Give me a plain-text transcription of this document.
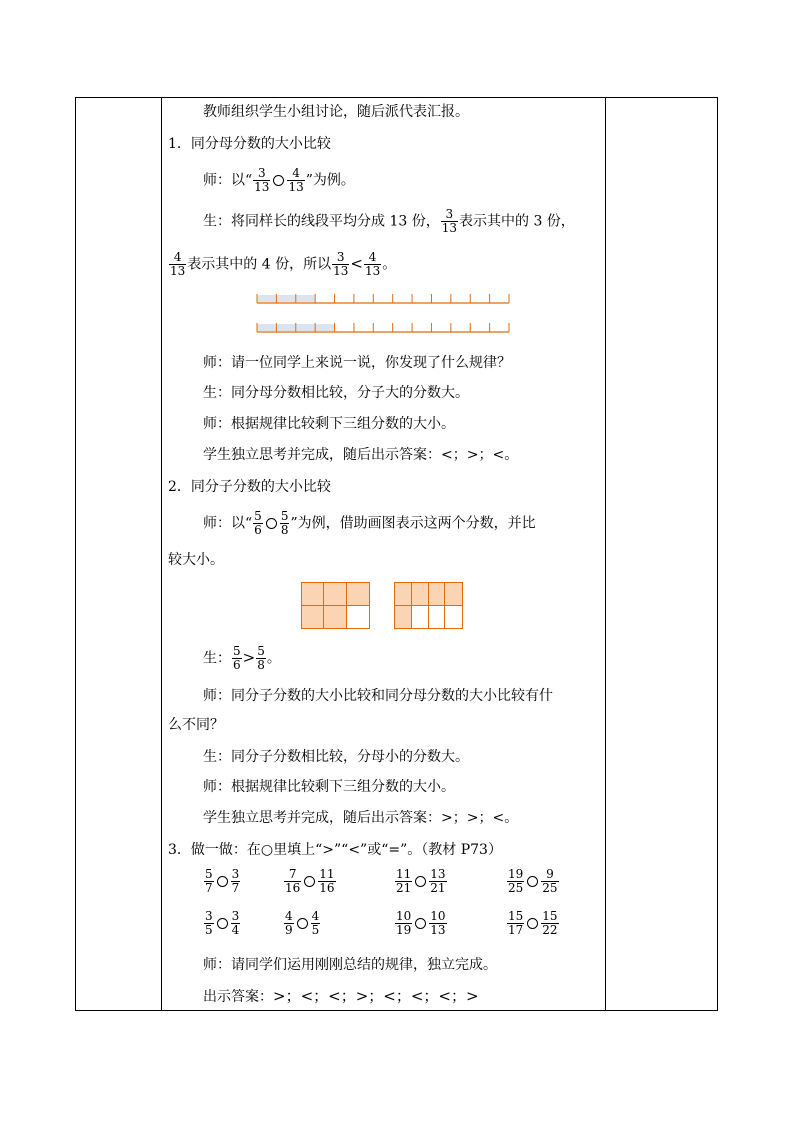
教师组织学生小组讨论，随后派代表汇报。
1．同分母分数的大小比较
师：以“ $\frac{3}{13} \frac{4}{13}$ ”为例。
生：将同样长的线段平均分成 13 份， $\frac{3}{13}$ 表示其中的 3 份，
$\frac{4}{13}$ 表示其中的 4 份，所以 $\frac{3}{13} < \frac{4}{13}$ 。
师：请一位同学上来说一说，你发现了什么规律？
生：同分母分数相比较，分子大的分数大。
师：根据规律比较剩下三组分数的大小。
学生独立思考并完成，随后出示答案：<；>；<。
2．同分子分数的大小比较
师：以“ $\frac{5}{6} \frac{5}{8}$ ”为例，借助画图表示这两个分数，并比
较大小。
生： $\frac{5}{6} > \frac{5}{8}$ 。
师：同分子分数的大小比较和同分母分数的大小比较有什
么不同？
生：同分子分数相比较，分母小的分数大。
师：根据规律比较剩下三组分数的大小。
学生独立思考并完成，随后出示答案：>；>；<。
3．做一做：在○里填上“>”“<”或“=”。（教材 P73）
$\frac{5}{7} \frac{3}{7}$	$\frac{7}{16} \frac{11}{16}$	$\frac{11}{21} \frac{13}{21}$	$\frac{19}{25} \frac{9}{25}$
$\frac{3}{5} \frac{3}{4}$	$\frac{4}{9} \frac{4}{5}$	$\frac{10}{19} \frac{10}{13}$	$\frac{15}{17} \frac{15}{22}$
师：请同学们运用刚刚总结的规律，独立完成。
出示答案：>；<；<；>；<；<；<；>
